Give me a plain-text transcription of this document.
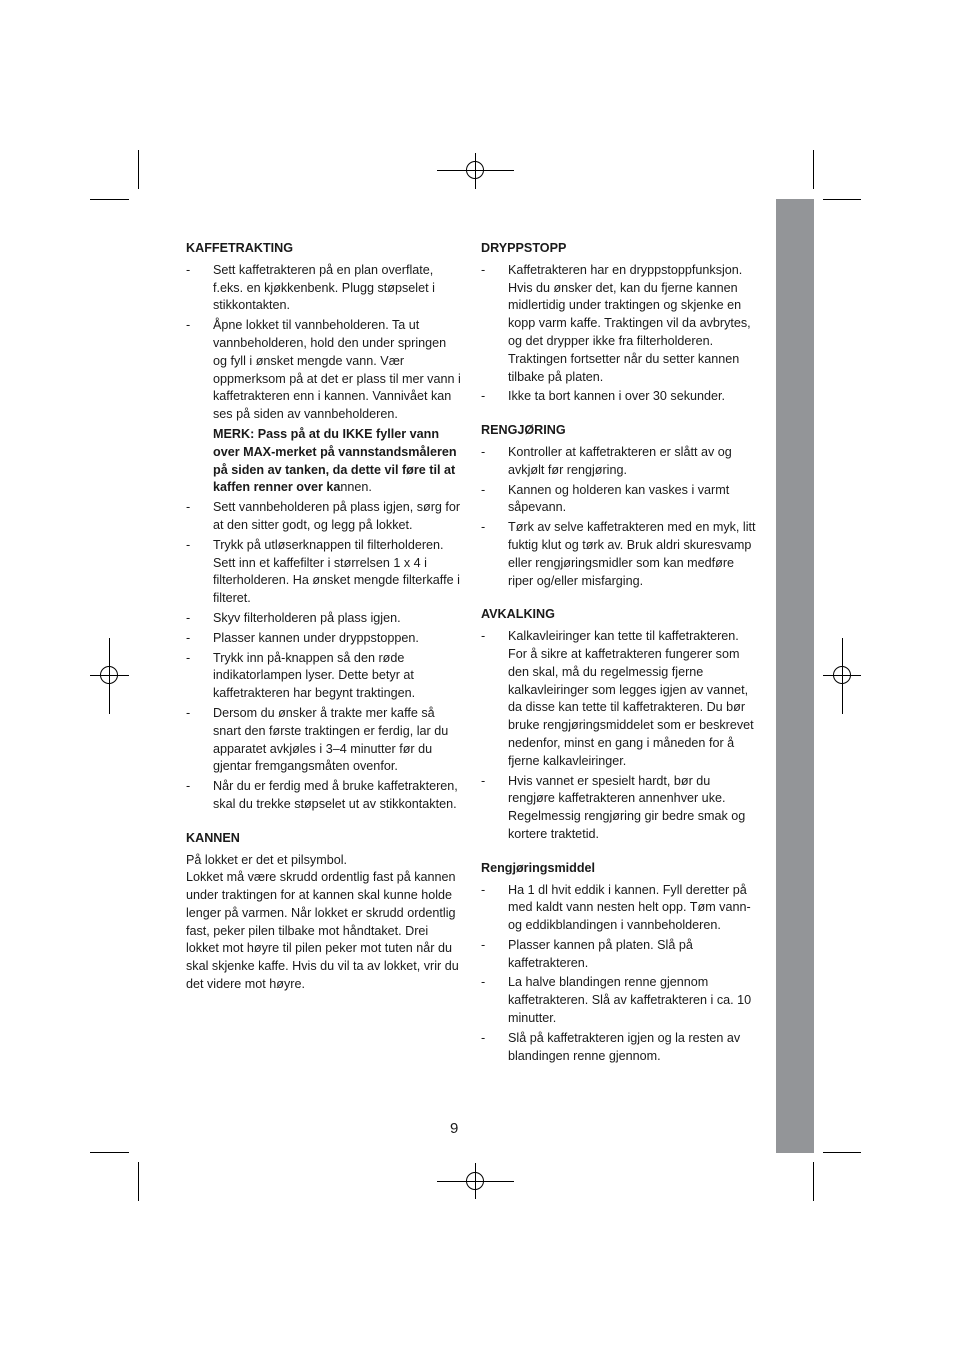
KAFFETRAKTING
- Sett kaffetrakteren på en plan overflate, f.eks. en kjøkkenbenk. Plugg støpselet i stikkontakten.
- Åpne lokket til vannbeholderen. Ta ut vannbeholderen, hold den under springen og fyll i ønsket mengde vann. Vær oppmerksom på at det er plass til mer vann i kaffetrakteren enn i kannen. Vannivået kan ses på siden av vannbeholderen.
MERK: Pass på at du IKKE fyller vann over MAX-merket på vannstandsmåleren på siden av tanken, da dette vil føre til at kaffen renner over kannen.
- Sett vannbeholderen på plass igjen, sørg for at den sitter godt, og legg på lokket.
- Trykk på utløserknappen til filterholderen. Sett inn et kaffefilter i størrelsen 1 x 4 i filterholderen. Ha ønsket mengde filterkaffe i filteret.
- Skyv filterholderen på plass igjen.
- Plasser kannen under dryppstoppen.
- Trykk inn på-knappen så den røde indikatorlampen lyser. Dette betyr at kaffetrakteren har begynt traktingen.
- Dersom du ønsker å trakte mer kaffe så snart den første traktingen er ferdig, lar du apparatet avkjøles i 3–4 minutter før du gjentar fremgangsmåten ovenfor.
- Når du er ferdig med å bruke kaffetrakteren, skal du trekke støpselet ut av stikkontakten.
KANNEN

På lokket er det et pilsymbol.

Lokket må være skrudd ordentlig fast på kannen under traktingen for at kannen skal kunne holde lenger på varmen. Når lokket er skrudd ordentlig fast, peker pilen tilbake mot håndtaket. Drei lokket mot høyre til pilen peker mot tuten når du skal skjenke kaffe. Hvis du vil ta av lokket, vrir du det videre mot høyre.

DRYPPSTOPP
- Kaffetrakteren har en dryppstoppfunksjon. Hvis du ønsker det, kan du fjerne kannen midlertidig under traktingen og skjenke en kopp varm kaffe. Traktingen vil da avbrytes, og det drypper ikke fra filterholderen. Traktingen fortsetter når du setter kannen tilbake på platen.
- Ikke ta bort kannen i over 30 sekunder.
RENGJØRING
- Kontroller at kaffetrakteren er slått av og avkjølt før rengjøring.
- Kannen og holderen kan vaskes i varmt såpevann.
- Tørk av selve kaffetrakteren med en myk, litt fuktig klut og tørk av. Bruk aldri skuresvamp eller rengjøringsmidler som kan medføre riper og/eller misfarging.
AVKALKING
- Kalkavleiringer kan tette til kaffetrakteren. For å sikre at kaffetrakteren fungerer som den skal, må du regelmessig fjerne kalkavleiringer som legges igjen av vannet, da disse kan tette til kaffetrakteren. Du bør bruke rengjøringsmiddelet som er beskrevet nedenfor, minst en gang i måneden for å fjerne kalkavleiringer.
- Hvis vannet er spesielt hardt, bør du rengjøre kaffetrakteren annenhver uke. Regelmessig rengjøring gir bedre smak og kortere traktetid.
Rengjøringsmiddel
- Ha 1 dl hvit eddik i kannen. Fyll deretter på med kaldt vann nesten helt opp. Tøm vann- og eddikblandingen i vannbeholderen.
- Plasser kannen på platen. Slå på kaffetrakteren.
- La halve blandingen renne gjennom kaffetrakteren. Slå av kaffetrakteren i ca. 10 minutter.
- Slå på kaffetrakteren igjen og la resten av blandingen renne gjennom.
9
